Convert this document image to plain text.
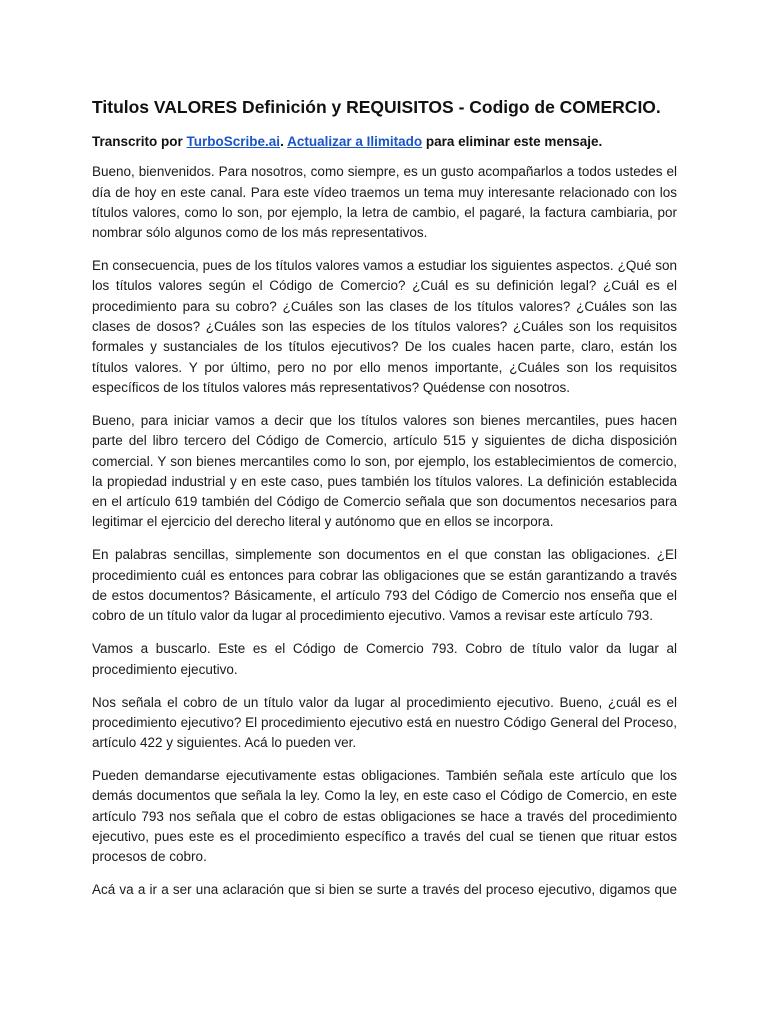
Titulos VALORES Definición y REQUISITOS - Codigo de COMERCIO.

Transcrito por TurboScribe.ai. Actualizar a Ilimitado para eliminar este mensaje.

Bueno, bienvenidos. Para nosotros, como siempre, es un gusto acompañarlos a todos ustedes el día de hoy en este canal. Para este vídeo traemos un tema muy interesante relacionado con los títulos valores, como lo son, por ejemplo, la letra de cambio, el pagaré, la factura cambiaria, por nombrar sólo algunos como de los más representativos.

En consecuencia, pues de los títulos valores vamos a estudiar los siguientes aspectos. ¿Qué son los títulos valores según el Código de Comercio? ¿Cuál es su definición legal? ¿Cuál es el procedimiento para su cobro? ¿Cuáles son las clases de los títulos valores? ¿Cuáles son las clases de dosos? ¿Cuáles son las especies de los títulos valores? ¿Cuáles son los requisitos formales y sustanciales de los títulos ejecutivos? De los cuales hacen parte, claro, están los títulos valores. Y por último, pero no por ello menos importante, ¿Cuáles son los requisitos específicos de los títulos valores más representativos? Quédense con nosotros.

Bueno, para iniciar vamos a decir que los títulos valores son bienes mercantiles, pues hacen parte del libro tercero del Código de Comercio, artículo 515 y siguientes de dicha disposición comercial. Y son bienes mercantiles como lo son, por ejemplo, los establecimientos de comercio, la propiedad industrial y en este caso, pues también los títulos valores. La definición establecida en el artículo 619 también del Código de Comercio señala que son documentos necesarios para legitimar el ejercicio del derecho literal y autónomo que en ellos se incorpora.

En palabras sencillas, simplemente son documentos en el que constan las obligaciones. ¿El procedimiento cuál es entonces para cobrar las obligaciones que se están garantizando a través de estos documentos? Básicamente, el artículo 793 del Código de Comercio nos enseña que el cobro de un título valor da lugar al procedimiento ejecutivo. Vamos a revisar este artículo 793.

Vamos a buscarlo. Este es el Código de Comercio 793. Cobro de título valor da lugar al procedimiento ejecutivo.

Nos señala el cobro de un título valor da lugar al procedimiento ejecutivo. Bueno, ¿cuál es el procedimiento ejecutivo? El procedimiento ejecutivo está en nuestro Código General del Proceso, artículo 422 y siguientes. Acá lo pueden ver.

Pueden demandarse ejecutivamente estas obligaciones. También señala este artículo que los demás documentos que señala la ley. Como la ley, en este caso el Código de Comercio, en este artículo 793 nos señala que el cobro de estas obligaciones se hace a través del procedimiento ejecutivo, pues este es el procedimiento específico a través del cual se tienen que rituar estos procesos de cobro.

Acá va a ir a ser una aclaración que si bien se surte a través del proceso ejecutivo, digamos que
